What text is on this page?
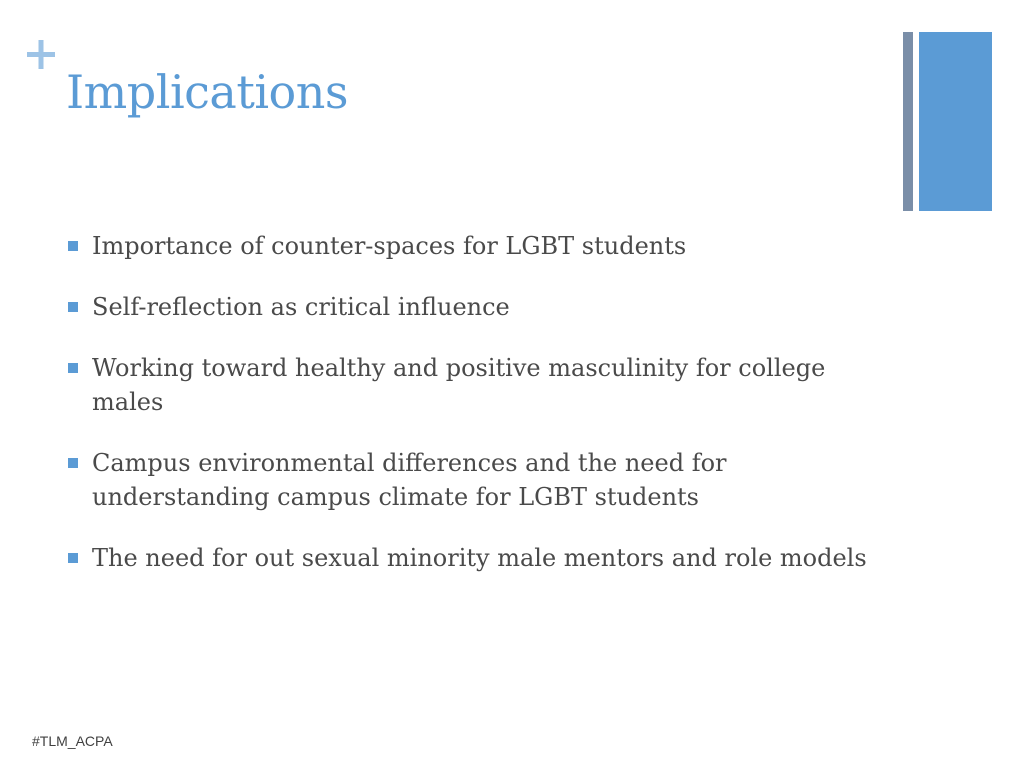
Implications
Importance of counter-spaces for LGBT students
Self-reflection as critical influence
Working toward healthy and positive masculinity for college males
Campus environmental differences and the need for understanding campus climate for LGBT students
The need for out sexual minority male mentors and role models
#TLM_ACPA
